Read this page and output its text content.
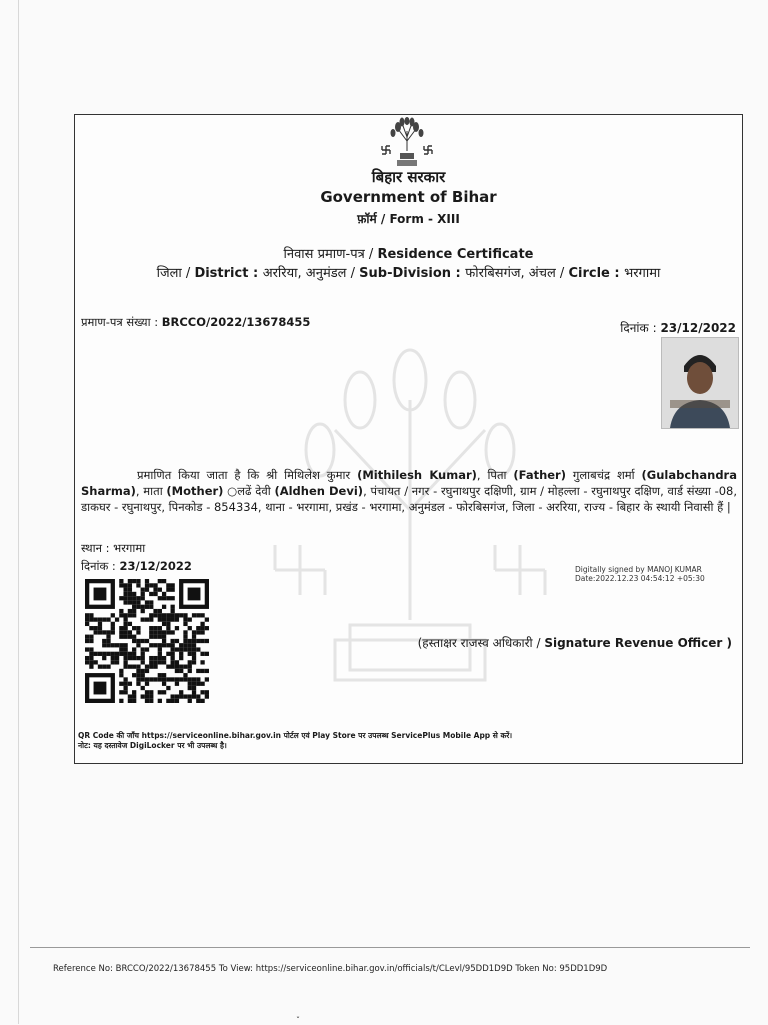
बिहार सरकार
Government of Bihar
फ़ॉर्म / Form - XIII
निवास प्रमाण-पत्र / Residence Certificate
जिला / District : अररिया, अनुमंडल / Sub-Division : फोरबिसगंज, अंचल / Circle : भरगामा
प्रमाण-पत्र संख्या : BRCCO/2022/13678455	दिनांक : 23/12/2022

प्रमाणित किया जाता है कि श्री मिथिलेश कुमार (Mithilesh Kumar), पिता (Father) गुलाबचंद्र शर्मा (Gulabchandra Sharma), माता (Mother) ○लढें देवी (Aldhen Devi), पंचायत / नगर - रघुनाथपुर दक्षिणी, ग्राम / मोहल्ला - रघुनाथपुर दक्षिण, वार्ड संख्या -08, डाकघर - रघुनाथपुर, पिनकोड - 854334, थाना - भरगामा, प्रखंड - भरगामा, अनुमंडल - फोरबिसगंज, जिला - अररिया, राज्य - बिहार के स्थायी निवासी हैं |

स्थान : भरगामा
दिनांक : 23/12/2022	Digitally signed by MANOJ KUMAR
Date:2022.12.23 04:54:12 +05:30
(हस्ताक्षर राजस्व अधिकारी / Signature Revenue Officer )
QR Code की जाँच https://serviceonline.bihar.gov.in पोर्टल एवं Play Store पर उपलब्ध ServicePlus Mobile App से करें।
नोट: यह दस्तावेज DigiLocker पर भी उपलब्ध है।
Reference No: BRCCO/2022/13678455 To View: https://serviceonline.bihar.gov.in/officials/t/CLevl/95DD1D9D Token No: 95DD1D9D
ˇ
